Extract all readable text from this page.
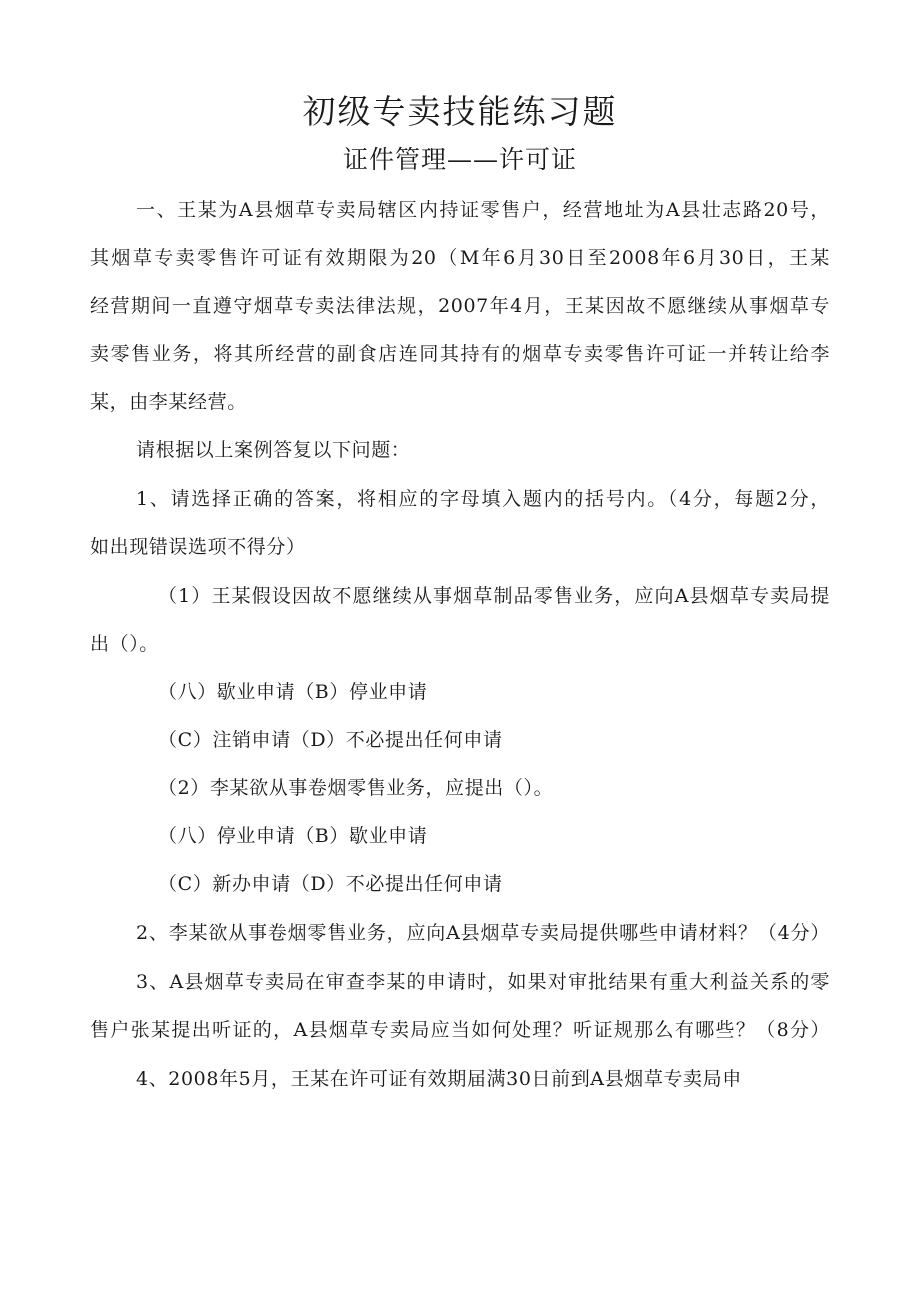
初级专卖技能练习题
证件管理——许可证

一、王某为A县烟草专卖局辖区内持证零售户，经营地址为A县壮志路20号，

其烟草专卖零售许可证有效期限为20（M年6月30日至2008年6月30日，王某

经营期间一直遵守烟草专卖法律法规，2007年4月，王某因故不愿继续从事烟草专

卖零售业务，将其所经营的副食店连同其持有的烟草专卖零售许可证一并转让给李

某，由李某经营。

请根据以上案例答复以下问题：

1、请选择正确的答案，将相应的字母填入题内的括号内。（4分，每题2分，

如出现错误选项不得分）

（1）王某假设因故不愿继续从事烟草制品零售业务，应向A县烟草专卖局提

出（）。

（八）歇业申请（B）停业申请

（C）注销申请（D）不必提出任何申请

（2）李某欲从事卷烟零售业务，应提出（）。

（八）停业申请（B）歇业申请

（C）新办申请（D）不必提出任何申请

2、李某欲从事卷烟零售业务，应向A县烟草专卖局提供哪些申请材料？（4分）

3、A县烟草专卖局在审查李某的申请时，如果对审批结果有重大利益关系的零

售户张某提出听证的，A县烟草专卖局应当如何处理？听证规那么有哪些？（8分）

4、2008年5月，王某在许可证有效期届满30日前到A县烟草专卖局申
